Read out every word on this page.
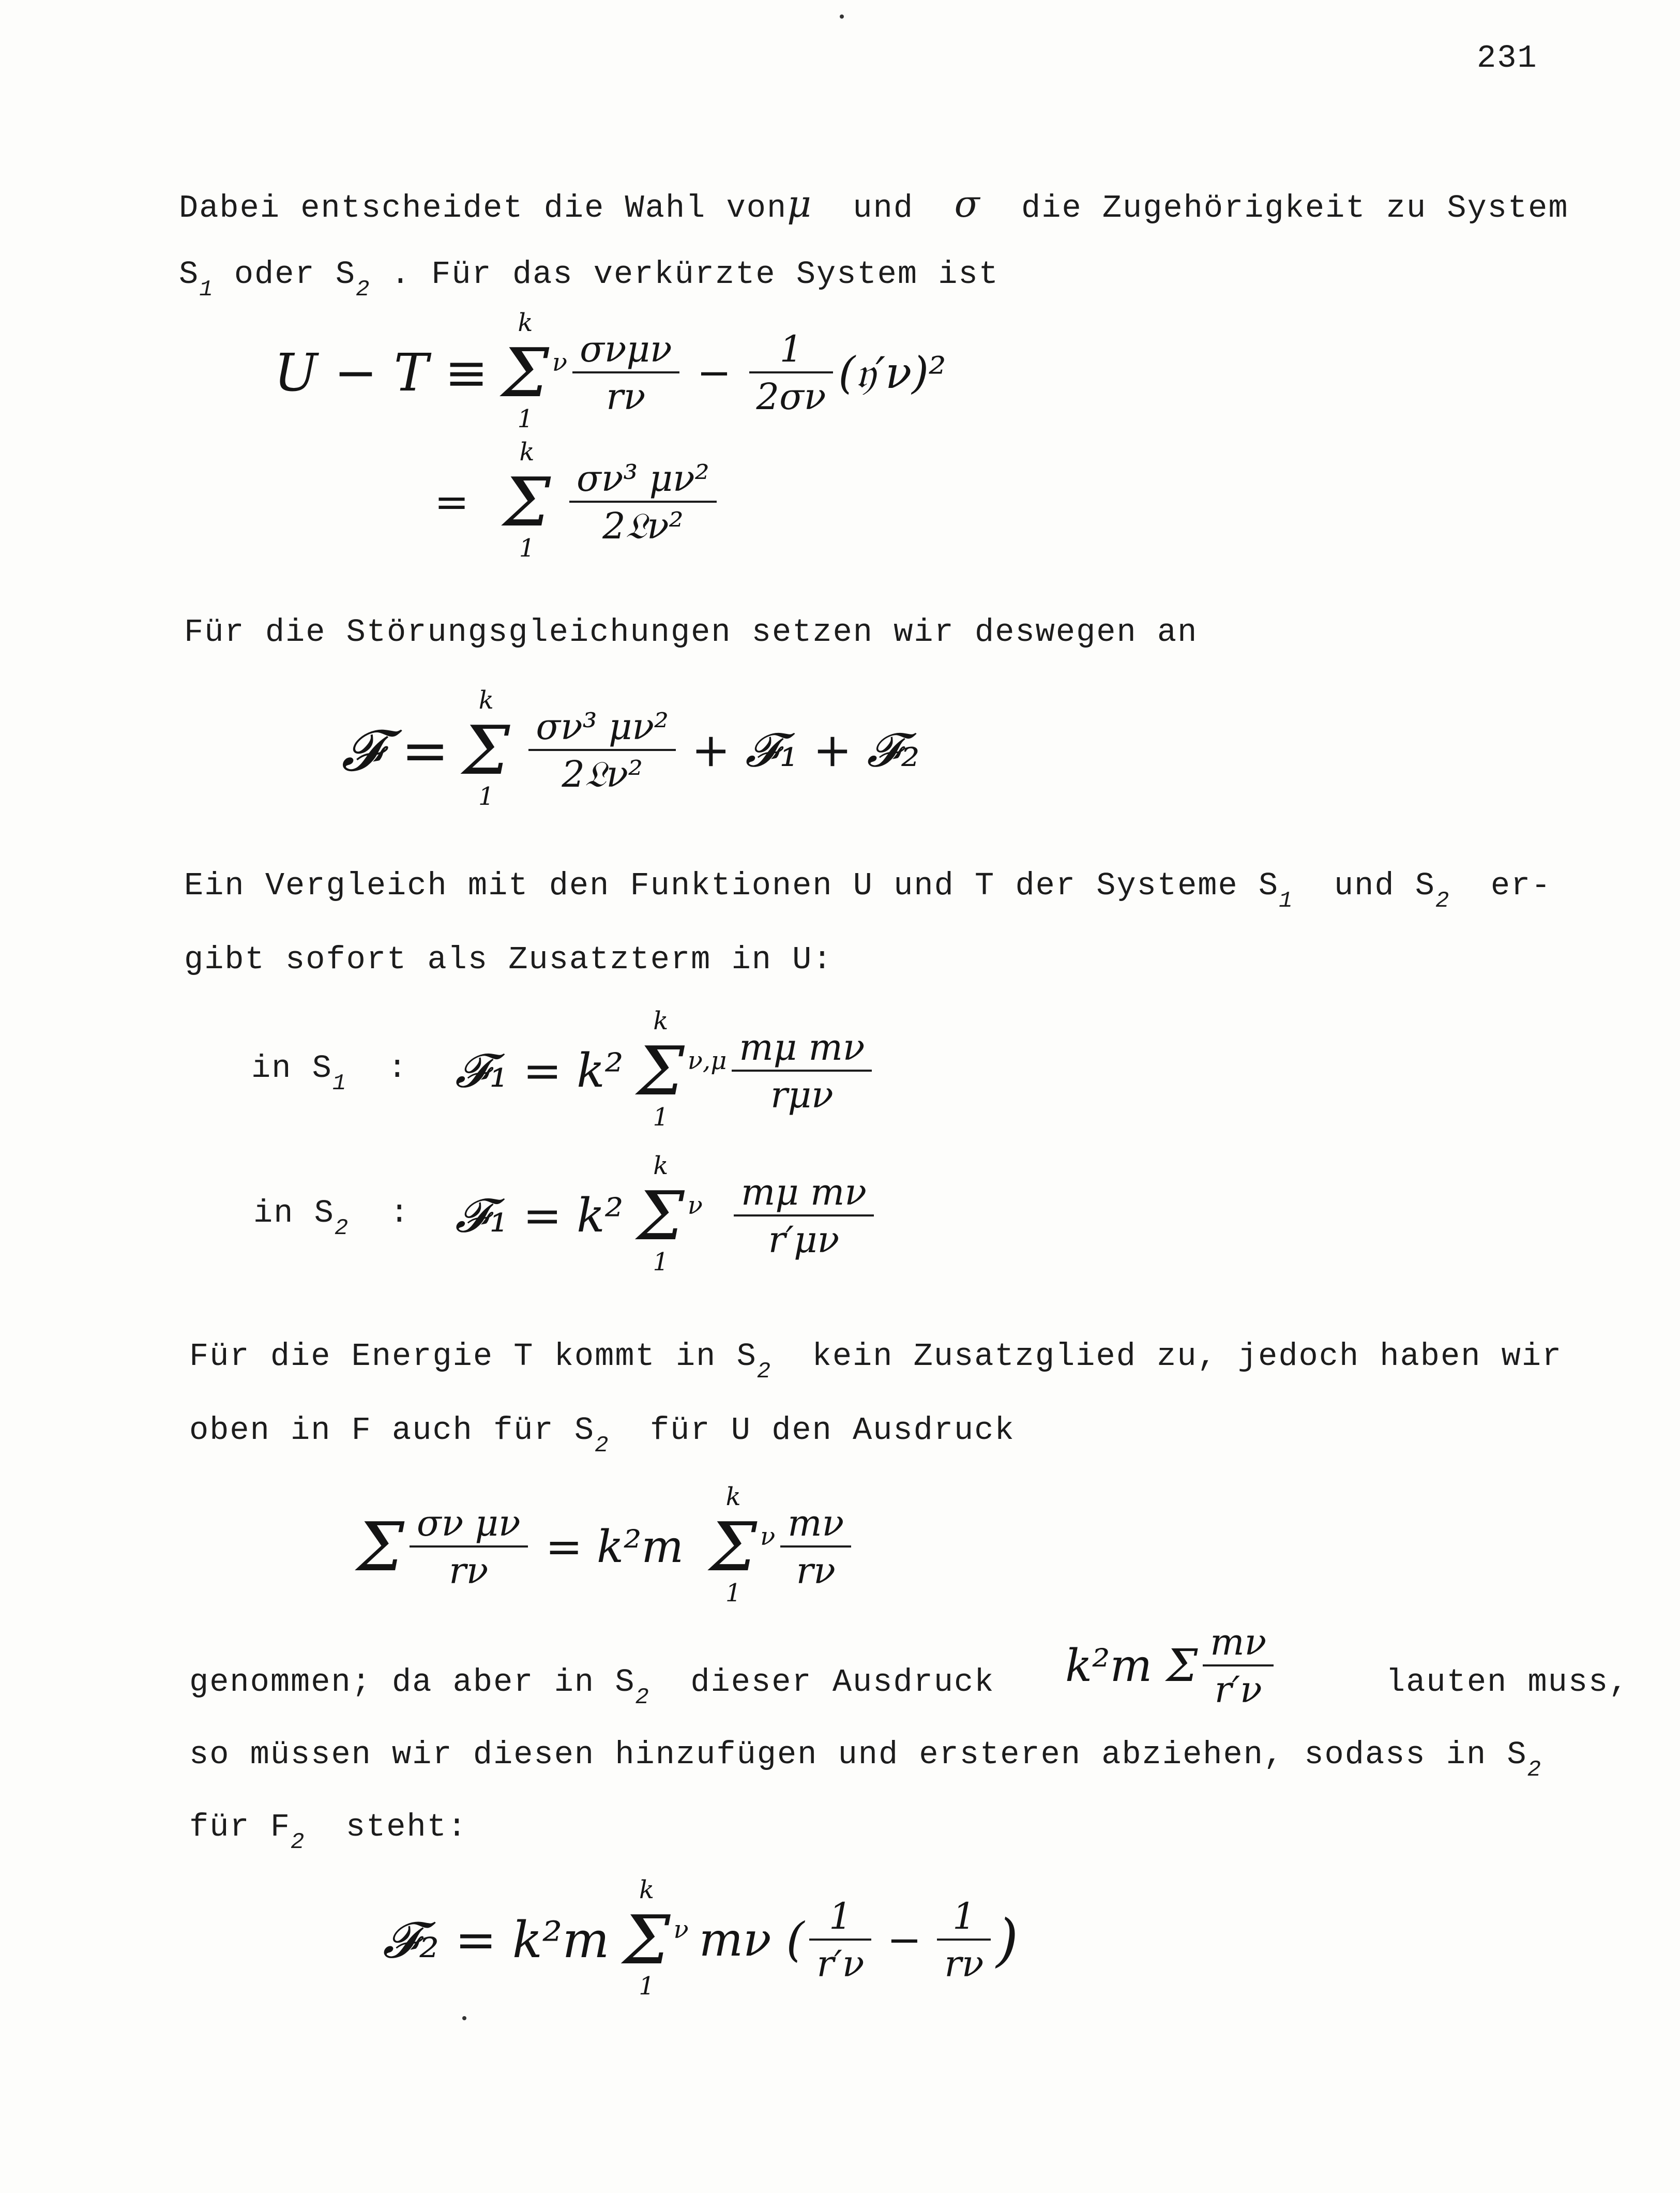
231
Dabei entscheidet die Wahl vonμ und σ die Zugehörigkeit zu System
$S_1$ oder $S_2$ . Für das verkürzte System ist
U − T ≡
k
Σ
1
ν $\frac{\text{σνμν}}{r\nu} - \frac{1}{2\sigma\nu}$ (𝔶′ν)²
=
k
Σ
1
$\frac{\text{σν³ μν²}}{\text{2𝔏ν²}}$
Für die Störungsgleichungen setzen wir deswegen an
𝓕 =
k
Σ
1
$\frac{\text{σν³ μν²}}{\text{2𝔏ν²}}$ + 𝓕₁ + 𝓕₂
Ein Vergleich mit den Funktionen U und T der Systeme $S_1$ und $S_2$ er-
gibt sofort als Zusatzterm in U:
in $S_1$ : 𝓕₁ = k²
k
Σ
1
$\nu,\mu \frac{\text{mμ mν}}{\text{rμν}}$
in $S_2$ : 𝓕₁ = k²
k
Σ
1
ν $\frac{\text{mμ mν}}{r'\mu\nu}$
Für die Energie T kommt in $S_2$ kein Zusatzglied zu, jedoch haben wir
oben in F auch für $S_2$ für U den Ausdruck
Σ $\frac{\text{σν μν}}{r\nu} = k^2m$
k
Σ
1
ν $\frac{m\nu}{r\nu}$
genommen; da aber in $S_2$ dieser Ausdruck k²m Σ $\frac{m\nu}{r'\nu}$	lauten muss,
so müssen wir diesen hinzufügen und ersteren abziehen, sodass in $S_2$
für $F_2$ steht:
𝓕₂ = k²m
k
Σ
1
ν mν ( $\frac{1}{r'\nu} - \frac{1}{r\nu}$ )
